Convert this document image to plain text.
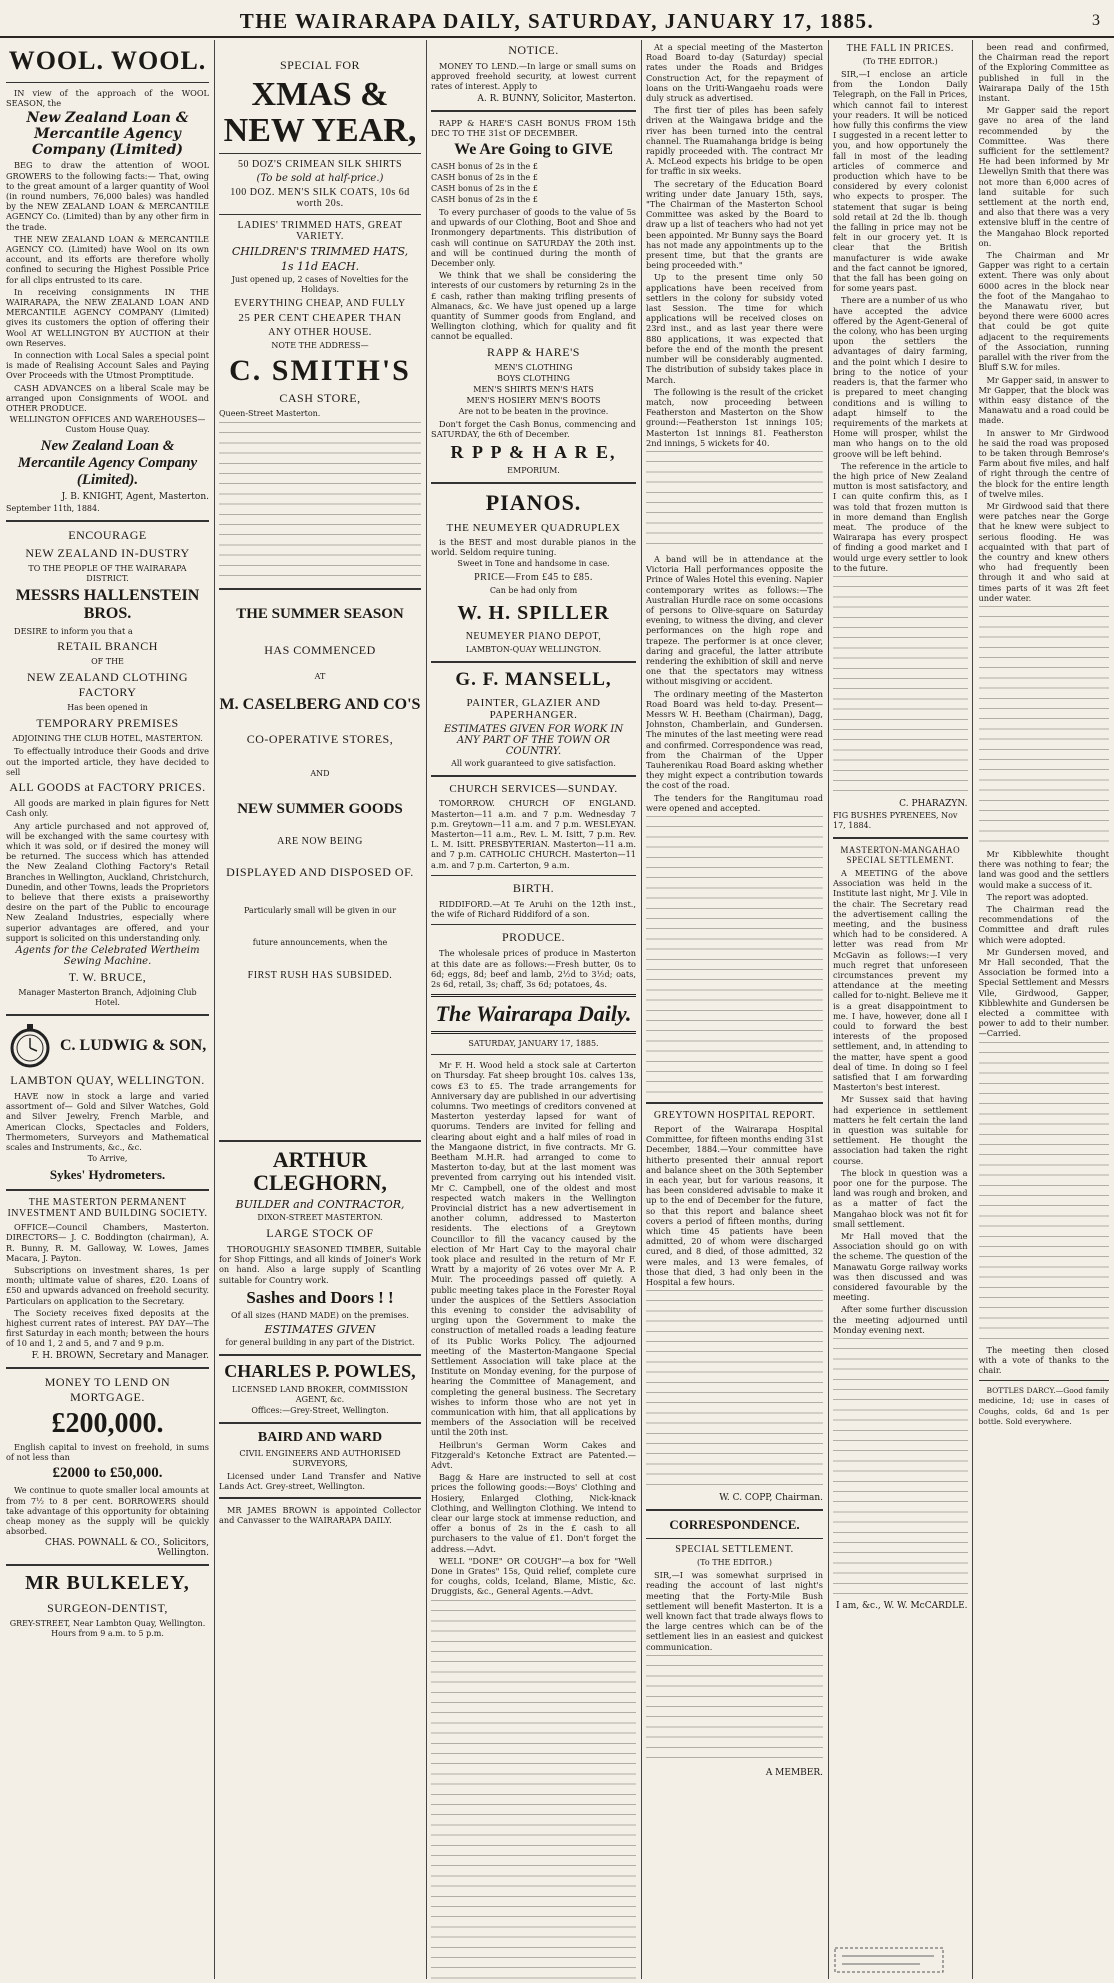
THE WAIRARAPA DAILY, SATURDAY, JANUARY 17, 1885.	3
WOOL. WOOL.
IN view of the approach of the WOOL SEASON, the
New Zealand Loan & Mercantile Agency Company (Limited)
BEG to draw the attention of WOOL GROWERS to the following facts:— That, owing to the great amount of a larger quantity of Wool (in round numbers, 76,000 bales) was handled by the NEW ZEALAND LOAN & MERCANTILE AGENCY Co. (Limited) than by any other firm in the trade.
THE NEW ZEALAND LOAN & MERCANTILE AGENCY CO. (Limited) have Wool on its own account, and its efforts are therefore wholly confined to securing the Highest Possible Price for all clips entrusted to its care.
In receiving consignments IN THE WAIRARAPA, the NEW ZEALAND LOAN AND MERCANTILE AGENCY COMPANY (Limited) gives its customers the option of offering their Wool AT WELLINGTON BY AUCTION at their own Reserves.
In connection with Local Sales a special point is made of Realising Account Sales and Paying Over Proceeds with the Utmost Promptitude.
CASH ADVANCES on a liberal Scale may be arranged upon Consignments of WOOL and OTHER PRODUCE.
WELLINGTON OFFICES AND WAREHOUSES— Custom House Quay.
New Zealand Loan & Mercantile Agency Company (Limited).
J. B. KNIGHT, Agent, Masterton.
September 11th, 1884.
ENCOURAGE
NEW ZEALAND IN-DUSTRY
TO THE PEOPLE OF THE WAIRARAPA DISTRICT.
MESSRS HALLENSTEIN BROS.
DESIRE to inform you that a
RETAIL BRANCH
OF THE
NEW ZEALAND CLOTHING FACTORY
Has been opened in
TEMPORARY PREMISES
ADJOINING THE CLUB HOTEL, MASTERTON.
To effectually introduce their Goods and drive out the imported article, they have decided to sell
ALL GOODS at FACTORY PRICES.
All goods are marked in plain figures for Nett Cash only.
Any article purchased and not approved of, will be exchanged with the same courtesy with which it was sold, or if desired the money will be returned. The success which has attended the New Zealand Clothing Factory's Retail Branches in Wellington, Auckland, Christchurch, Dunedin, and other Towns, leads the Proprietors to believe that there exists a praiseworthy desire on the part of the Public to encourage New Zealand Industries, especially where superior advantages are offered, and your support is solicited on this understanding only.
Agents for the Celebrated Wertheim Sewing Machine.
T. W. BRUCE,
Manager Masterton Branch, Adjoining Club Hotel.
C. LUDWIG & SON,
LAMBTON QUAY, WELLINGTON.
HAVE now in stock a large and varied assortment of— Gold and Silver Watches, Gold and Silver Jewelry, French Marble, and American Clocks, Spectacles and Folders, Thermometers, Surveyors and Mathematical scales and Instruments, &c., &c.
To Arrive,
Sykes' Hydrometers.
THE MASTERTON PERMANENT INVESTMENT AND BUILDING SOCIETY.
OFFICE—Council Chambers, Masterton. DIRECTORS— J. C. Boddington (chairman), A. R. Bunny, R. M. Galloway, W. Lowes, James Macara, J. Payton.
Subscriptions on investment shares, 1s per month; ultimate value of shares, £20. Loans of £50 and upwards advanced on freehold security. Particulars on application to the Secretary.
The Society receives fixed deposits at the highest current rates of interest. PAY DAY—The first Saturday in each month; between the hours of 10 and 1, 2 and 5, and 7 and 9 p.m.
F. H. BROWN, Secretary and Manager.
MONEY TO LEND ON MORTGAGE.
£200,000.
English capital to invest on freehold, in sums of not less than
£2000 to £50,000.
We continue to quote smaller local amounts at from 7½ to 8 per cent. BORROWERS should take advantage of this opportunity for obtaining cheap money as the supply will be quickly absorbed.
CHAS. POWNALL & CO., Solicitors, Wellington.
MR BULKELEY,
SURGEON-DENTIST,
GREY-STREET, Near Lambton Quay, Wellington. Hours from 9 a.m. to 5 p.m.
SPECIAL FOR
XMAS & NEW YEAR,
50 DOZ'S CRIMEAN SILK SHIRTS
(To be sold at half-price.)
100 DOZ. MEN'S SILK COATS, 10s 6d worth 20s.
LADIES' TRIMMED HATS, GREAT VARIETY.
CHILDREN'S TRIMMED HATS,
1s 11d EACH.
Just opened up, 2 cases of Novelties for the Holidays.
EVERYTHING CHEAP, AND FULLY
25 PER CENT CHEAPER THAN
ANY OTHER HOUSE.
NOTE THE ADDRESS—
C. SMITH'S
CASH STORE,
Queen-Street Masterton.
THE SUMMER SEASON
HAS COMMENCED
AT
M. CASELBERG AND CO'S
CO-OPERATIVE STORES,
AND
NEW SUMMER GOODS
ARE NOW BEING
DISPLAYED AND DISPOSED OF.
Particularly small will be given in our
future announcements, when the
FIRST RUSH HAS SUBSIDED.
ARTHUR CLEGHORN,
BUILDER and CONTRACTOR,
DIXON-STREET MASTERTON.
LARGE STOCK OF
THOROUGHLY SEASONED TIMBER, Suitable for Shop Fittings, and all kinds of Joiner's Work on hand. Also a large supply of Scantling suitable for Country work.
Sashes and Doors ! !
Of all sizes (HAND MADE) on the premises.
ESTIMATES GIVEN
for general building in any part of the District.
CHARLES P. POWLES,
LICENSED LAND BROKER, COMMISSION AGENT, &c.
Offices:—Grey-Street, Wellington.
BAIRD AND WARD
CIVIL ENGINEERS AND AUTHORISED SURVEYORS,
Licensed under Land Transfer and Native Lands Act. Grey-street, Wellington.
MR JAMES BROWN is appointed Collector and Canvasser to the WAIRARAPA DAILY.
NOTICE.
MONEY TO LEND.—In large or small sums on approved freehold security, at lowest current rates of interest. Apply to
A. R. BUNNY, Solicitor, Masterton.
RAPP & HARE'S CASH BONUS FROM 15th DEC TO THE 31st OF DECEMBER.
We Are Going to GIVE
CASH bonus of 2s in the £
CASH bonus of 2s in the £
CASH bonus of 2s in the £
CASH bonus of 2s in the £
To every purchaser of goods to the value of 5s and upwards of our Clothing, Boot and Shoe and Ironmongery departments. This distribution of cash will continue on SATURDAY the 20th inst. and will be continued during the month of December only.
We think that we shall be considering the interests of our customers by returning 2s in the £ cash, rather than making trifling presents of Almanacs, &c. We have just opened up a large quantity of Summer goods from England, and Wellington clothing, which for quality and fit cannot be equalled.
RAPP & HARE'S
MEN'S CLOTHING
BOYS CLOTHING
MEN'S SHIRTS MEN'S HATS
MEN'S HOSIERY MEN'S BOOTS
Are not to be beaten in the province.
Don't forget the Cash Bonus, commencing and SATURDAY, the 6th of December.
R P P & H A R E,
EMPORIUM.
PIANOS.
THE NEUMEYER QUADRUPLEX
is the BEST and most durable pianos in the world. Seldom require tuning.
Sweet in Tone and handsome in case.
PRICE—From £45 to £85.
Can be had only from
W. H. SPILLER
NEUMEYER PIANO DEPOT,
LAMBTON-QUAY WELLINGTON.
G. F. MANSELL,
PAINTER, GLAZIER AND PAPERHANGER.
ESTIMATES GIVEN FOR WORK IN ANY PART OF THE TOWN OR COUNTRY.
All work guaranteed to give satisfaction.
CHURCH SERVICES—SUNDAY.
TOMORROW. CHURCH OF ENGLAND. Masterton—11 a.m. and 7 p.m. Wednesday 7 p.m. Greytown—11 a.m. and 7 p.m. WESLEYAN. Masterton—11 a.m., Rev. L. M. Isitt, 7 p.m. Rev. L. M. Isitt. PRESBYTERIAN. Masterton—11 a.m. and 7 p.m. CATHOLIC CHURCH. Masterton—11 a.m. and 7 p.m. Carterton, 9 a.m.
BIRTH.
RIDDIFORD.—At Te Aruhi on the 12th inst., the wife of Richard Riddiford of a son.
PRODUCE.
The wholesale prices of produce in Masterton at this date are as follows:—Fresh butter, 0s to 6d; eggs, 8d; beef and lamb, 2½d to 3½d; oats, 2s 6d, retail, 3s; chaff, 3s 6d; potatoes, 4s.
The Wairarapa Daily.
SATURDAY, JANUARY 17, 1885.
Mr F. H. Wood held a stock sale at Carterton on Thursday. Fat sheep brought 10s. calves 13s, cows £3 to £5. The trade arrangements for Anniversary day are published in our advertising columns. Two meetings of creditors convened at Masterton yesterday lapsed for want of quorums. Tenders are invited for felling and clearing about eight and a half miles of road in the Mangaone district, in five contracts. Mr G. Beetham M.H.R. had arranged to come to Masterton to-day, but at the last moment was prevented from carrying out his intended visit. Mr C. Campbell, one of the oldest and most respected watch makers in the Wellington Provincial district has a new advertisement in another column, addressed to Masterton residents. The elections of a Greytown Councillor to fill the vacancy caused by the election of Mr Hart Cay to the mayoral chair took place and resulted in the return of Mr F. Wratt by a majority of 26 votes over Mr A. P. Muir. The proceedings passed off quietly. A public meeting takes place in the Forester Royal under the auspices of the Settlers Association this evening to consider the advisability of urging upon the Government to make the construction of metalled roads a leading feature of its Public Works Policy. The adjourned meeting of the Masterton-Mangaone Special Settlement Association will take place at the Institute on Monday evening, for the purpose of hearing the Committee of Management, and completing the general business. The Secretary wishes to inform those who are not yet in communication with him, that all applications by members of the Association will be received until the 20th inst.
Heilbrun's German Worm Cakes and Fitzgerald's Ketonche Extract are Patented.—Advt.
Bagg & Hare are instructed to sell at cost prices the following goods:—Boys' Clothing and Hosiery, Enlarged Clothing, Nick-knack Clothing, and Wellington Clothing. We intend to clear our large stock at immense reduction, and offer a bonus of 2s in the £ cash to all purchasers to the value of £1. Don't forget the address.—Advt.
WELL "DONE" OR COUGH"—a box for "Well Done in Grates" 15s, Quid relief, complete cure for coughs, colds, Iceland, Blame, Mistic, &c. Druggists, &c., General Agents.—Advt.
At a special meeting of the Masterton Road Board to-day (Saturday) special rates under the Roads and Bridges Construction Act, for the repayment of loans on the Uriti-Wangaehu roads were duly struck as advertised.
The first tier of piles has been safely driven at the Waingawa bridge and the river has been turned into the central channel. The Ruamahanga bridge is being rapidly proceeded with. The contract Mr A. McLeod expects his bridge to be open for traffic in six weeks.
The secretary of the Education Board writing under date January 15th, says, "The Chairman of the Masterton School Committee was asked by the Board to draw up a list of teachers who had not yet been appointed. Mr Bunny says the Board has not made any appointments up to the present time, but that the grants are being proceeded with."
Up to the present time only 50 applications have been received from settlers in the colony for subsidy voted last Session. The time for which applications will be received closes on 23rd inst., and as last year there were 880 applications, it was expected that before the end of the month the present number will be considerably augmented. The distribution of subsidy takes place in March.
The following is the result of the cricket match, now proceeding between Featherston and Masterton on the Show ground:—Featherston 1st innings 105; Masterton 1st innings 81. Featherston 2nd innings, 5 wickets for 40.
A band will be in attendance at the Victoria Hall performances opposite the Prince of Wales Hotel this evening. Napier contemporary writes as follows:—The Australian Hurdle race on some occasions of persons to Olive-square on Saturday evening, to witness the diving, and clever performances on the high rope and trapeze. The performer is at once clever, daring and graceful, the latter attribute rendering the exhibition of skill and nerve one that the spectators may witness without misgiving or accident.
The ordinary meeting of the Masterton Road Board was held to-day. Present—Messrs W. H. Beetham (Chairman), Dagg, Johnston, Chamberlain, and Gundersen. The minutes of the last meeting were read and confirmed. Correspondence was read, from the Chairman of the Upper Tauherenikau Road Board asking whether they might expect a contribution towards the cost of the road.
The tenders for the Rangitumau road were opened and accepted.
GREYTOWN HOSPITAL REPORT.
Report of the Wairarapa Hospital Committee, for fifteen months ending 31st December, 1884.—Your committee have hitherto presented their annual report and balance sheet on the 30th September in each year, but for various reasons, it has been considered advisable to make it up to the end of December for the future, so that this report and balance sheet covers a period of fifteen months, during which time 45 patients have been admitted, 20 of whom were discharged cured, and 8 died, of those admitted, 32 were males, and 13 were females, of those that died, 3 had only been in the Hospital a few hours.
W. C. COPP, Chairman.
CORRESPONDENCE.
SPECIAL SETTLEMENT.
(To THE EDITOR.)
SIR,—I was somewhat surprised in reading the account of last night's meeting that the Forty-Mile Bush settlement will benefit Masterton. It is a well known fact that trade always flows to the large centres which can be of the settlement lies in an easiest and quickest communication.
A MEMBER.
THE FALL IN PRICES.
(To THE EDITOR.)
SIR,—I enclose an article from the London Daily Telegraph, on the Fall in Prices, which cannot fail to interest your readers. It will be noticed how fully this confirms the view I suggested in a recent letter to you, and how opportunely the fall in most of the leading articles of commerce and production which have to be considered by every colonist who expects to prosper. The statement that sugar is being sold retail at 2d the lb. though the falling in price may not be felt in our grocery yet. It is clear that the British manufacturer is wide awake and the fact cannot be ignored, that the fall has been going on for some years past.
There are a number of us who have accepted the advice offered by the Agent-General of the colony, who has been urging upon the settlers the advantages of dairy farming, and the point which I desire to bring to the notice of your readers is, that the farmer who is prepared to meet changing conditions and is willing to adapt himself to the requirements of the markets at Home will prosper, whilst the man who hangs on to the old groove will be left behind.
The reference in the article to the high price of New Zealand mutton is most satisfactory, and I can quite confirm this, as I was told that frozen mutton is in more demand than English meat. The produce of the Wairarapa has every prospect of finding a good market and I would urge every settler to look to the future.
C. PHARAZYN.
FIG BUSHES PYRENEES, Nov 17, 1884.
MASTERTON-MANGAHAO SPECIAL SETTLEMENT.
A MEETING of the above Association was held in the Institute last night, Mr J. Vile in the chair. The Secretary read the advertisement calling the meeting, and the business which had to be considered. A letter was read from Mr McGavin as follows:—I very much regret that unforeseen circumstances prevent my attendance at the meeting called for to-night. Believe me it is a great disappointment to me. I have, however, done all I could to forward the best interests of the proposed settlement, and, in attending to the matter, have spent a good deal of time. In doing so I feel satisfied that I am forwarding Masterton's best interest.
Mr Sussex said that having had experience in settlement matters he felt certain the land in question was suitable for settlement. He thought the association had taken the right course.
The block in question was a poor one for the purpose. The land was rough and broken, and as a matter of fact the Mangahao block was not fit for small settlement.
Mr Hall moved that the Association should go on with the scheme. The question of the Manawatu Gorge railway works was then discussed and was considered favourable by the meeting.
After some further discussion the meeting adjourned until Monday evening next.
I am, &c., W. W. McCARDLE.
been read and confirmed, the Chairman read the report of the Exploring Committee as published in full in the Wairarapa Daily of the 15th instant.
Mr Gapper said the report gave no area of the land recommended by the Committee. Was there sufficient for the settlement? He had been informed by Mr Llewellyn Smith that there was not more than 6,000 acres of land suitable for such settlement at the north end, and also that there was a very extensive bluff in the centre of the Mangahao Block reported on.
The Chairman and Mr Gapper was right to a certain extent. There was only about 6000 acres in the block near the foot of the Mangahao to the Manawatu river, but beyond there were 6000 acres that could be got quite adjacent to the requirements of the Association, running parallel with the river from the Bluff S.W. for miles.
Mr Gapper said, in answer to Mr Gapper, that the block was within easy distance of the Manawatu and a road could be made.
In answer to Mr Girdwood he said the road was proposed to be taken through Bemrose's Farm about five miles, and half of right through the centre of the block for the entire length of twelve miles.
Mr Girdwood said that there were patches near the Gorge that he knew were subject to serious flooding. He was acquainted with that part of the country and knew others who had frequently been through it and who said at times parts of it was 2ft feet under water.
Mr Kibblewhite thought there was nothing to fear; the land was good and the settlers would make a success of it.
The report was adopted.
The Chairman read the recommendations of the Committee and draft rules which were adopted.
Mr Gundersen moved, and Mr Hall seconded, That the Association be formed into a Special Settlement and Messrs Vile, Girdwood, Gapper, Kibblewhite and Gundersen be elected a committee with power to add to their number.—Carried.
The meeting then closed with a vote of thanks to the chair.
BOTTLES DARCY.—Good family medicine, 1d; use in cases of Coughs, colds, 6d and 1s per bottle. Sold everywhere.
